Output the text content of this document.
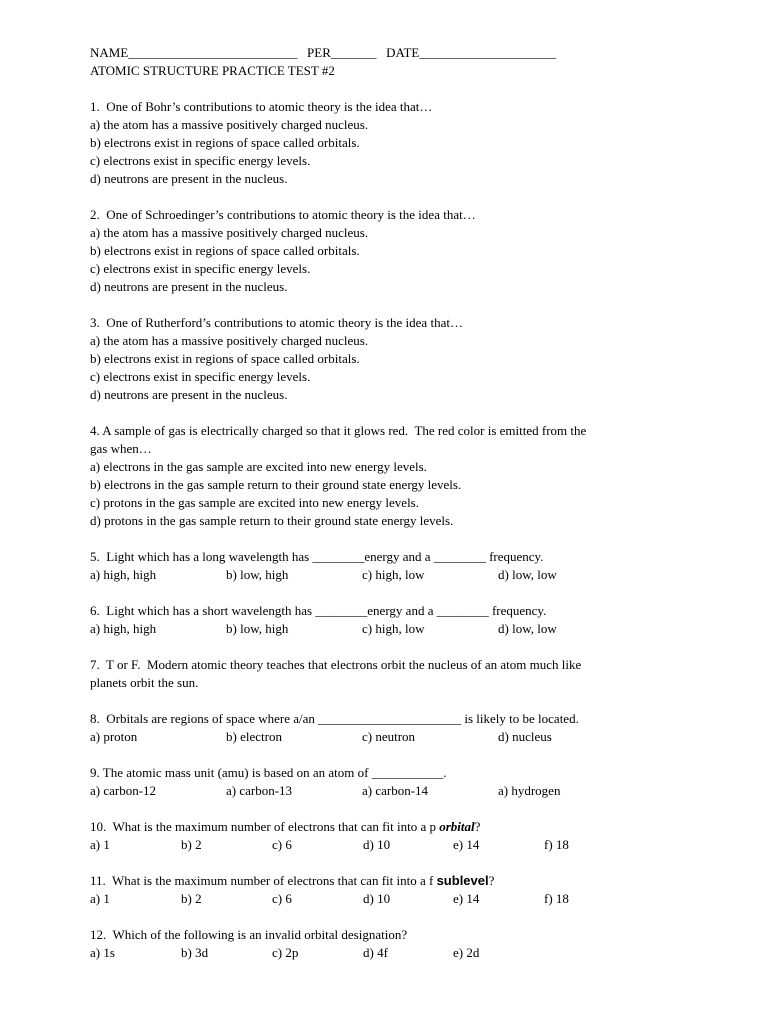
NAME__________________________   PER_______   DATE_____________________
ATOMIC STRUCTURE PRACTICE TEST #2
1.  One of Bohr’s contributions to atomic theory is the idea that…
a) the atom has a massive positively charged nucleus.
b) electrons exist in regions of space called orbitals.
c) electrons exist in specific energy levels.
d) neutrons are present in the nucleus.
2.  One of Schroedinger’s contributions to atomic theory is the idea that…
a) the atom has a massive positively charged nucleus.
b) electrons exist in regions of space called orbitals.
c) electrons exist in specific energy levels.
d) neutrons are present in the nucleus.
3.  One of Rutherford’s contributions to atomic theory is the idea that…
a) the atom has a massive positively charged nucleus.
b) electrons exist in regions of space called orbitals.
c) electrons exist in specific energy levels.
d) neutrons are present in the nucleus.
4. A sample of gas is electrically charged so that it glows red.  The red color is emitted from the
gas when…
a) electrons in the gas sample are excited into new energy levels.
b) electrons in the gas sample return to their ground state energy levels.
c) protons in the gas sample are excited into new energy levels.
d) protons in the gas sample return to their ground state energy levels.
5.  Light which has a long wavelength has ________energy and a ________ frequency.
a) high, high	b) low, high	c) high, low	d) low, low
6.  Light which has a short wavelength has ________energy and a ________ frequency.
a) high, high	b) low, high	c) high, low	d) low, low
7.  T or F.  Modern atomic theory teaches that electrons orbit the nucleus of an atom much like
planets orbit the sun.
8.  Orbitals are regions of space where a/an ______________________ is likely to be located.
a) proton	b) electron	c) neutron	d) nucleus
9. The atomic mass unit (amu) is based on an atom of ___________.
a) carbon-12	a) carbon-13	a) carbon-14	a) hydrogen
10.  What is the maximum number of electrons that can fit into a p orbital?
a) 1	b) 2	c) 6	d) 10	e) 14	f) 18
11.  What is the maximum number of electrons that can fit into a f sublevel?
a) 1	b) 2	c) 6	d) 10	e) 14	f) 18
12.  Which of the following is an invalid orbital designation?
a) 1s	b) 3d	c) 2p	d) 4f	e) 2d
